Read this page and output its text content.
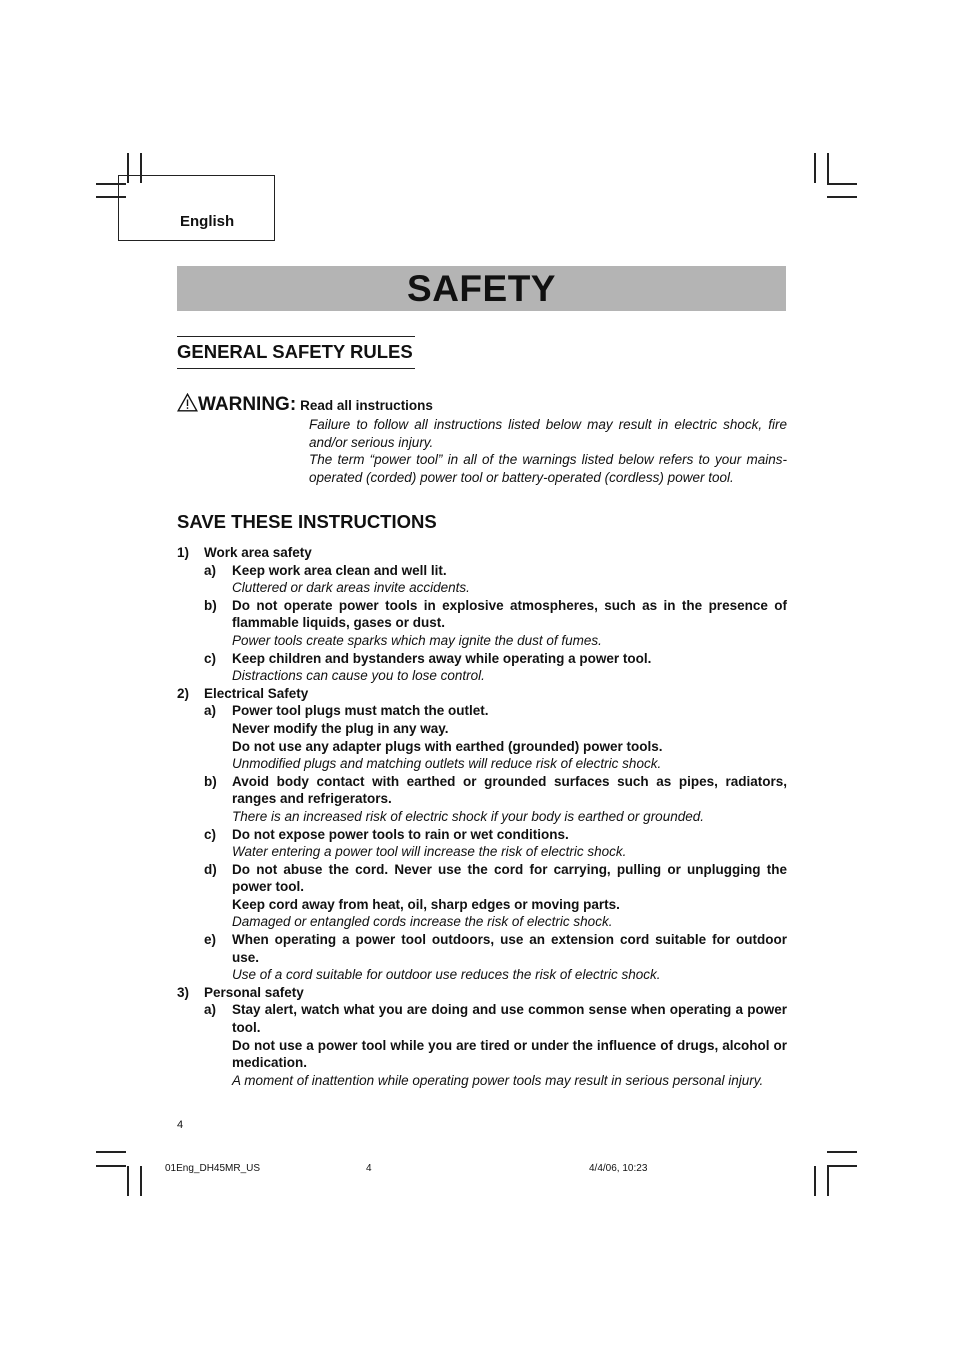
English
SAFETY
GENERAL SAFETY RULES
WARNING: Read all instructions

Failure to follow all instructions listed below may result in electric shock, fire and/or serious injury.

The term “power tool” in all of the warnings listed below refers to your mains-operated (corded) power tool or battery-operated (cordless) power tool.

SAVE THESE INSTRUCTIONS
1) Work area safety
a) Keep work area clean and well lit.
Cluttered or dark areas invite accidents.
b) Do not operate power tools in explosive atmospheres, such as in the presence of flammable liquids, gases or dust.
Power tools create sparks which may ignite the dust of fumes.
c) Keep children and bystanders away while operating a power tool.
Distractions can cause you to lose control.
2) Electrical Safety
a) Power tool plugs must match the outlet.
Never modify the plug in any way.
Do not use any adapter plugs with earthed (grounded) power tools.
Unmodified plugs and matching outlets will reduce risk of electric shock.
b) Avoid body contact with earthed or grounded surfaces such as pipes, radiators, ranges and refrigerators.
There is an increased risk of electric shock if your body is earthed or grounded.
c) Do not expose power tools to rain or wet conditions.
Water entering a power tool will increase the risk of electric shock.
d) Do not abuse the cord. Never use the cord for carrying, pulling or unplugging the power tool.
Keep cord away from heat, oil, sharp edges or moving parts.
Damaged or entangled cords increase the risk of electric shock.
e) When operating a power tool outdoors, use an extension cord suitable for outdoor use.
Use of a cord suitable for outdoor use reduces the risk of electric shock.
3) Personal safety
a) Stay alert, watch what you are doing and use common sense when operating a power tool.
Do not use a power tool while you are tired or under the influence of drugs, alcohol or medication.
A moment of inattention while operating power tools may result in serious personal injury.
4
01Eng_DH45MR_US	4	4/4/06, 10:23
